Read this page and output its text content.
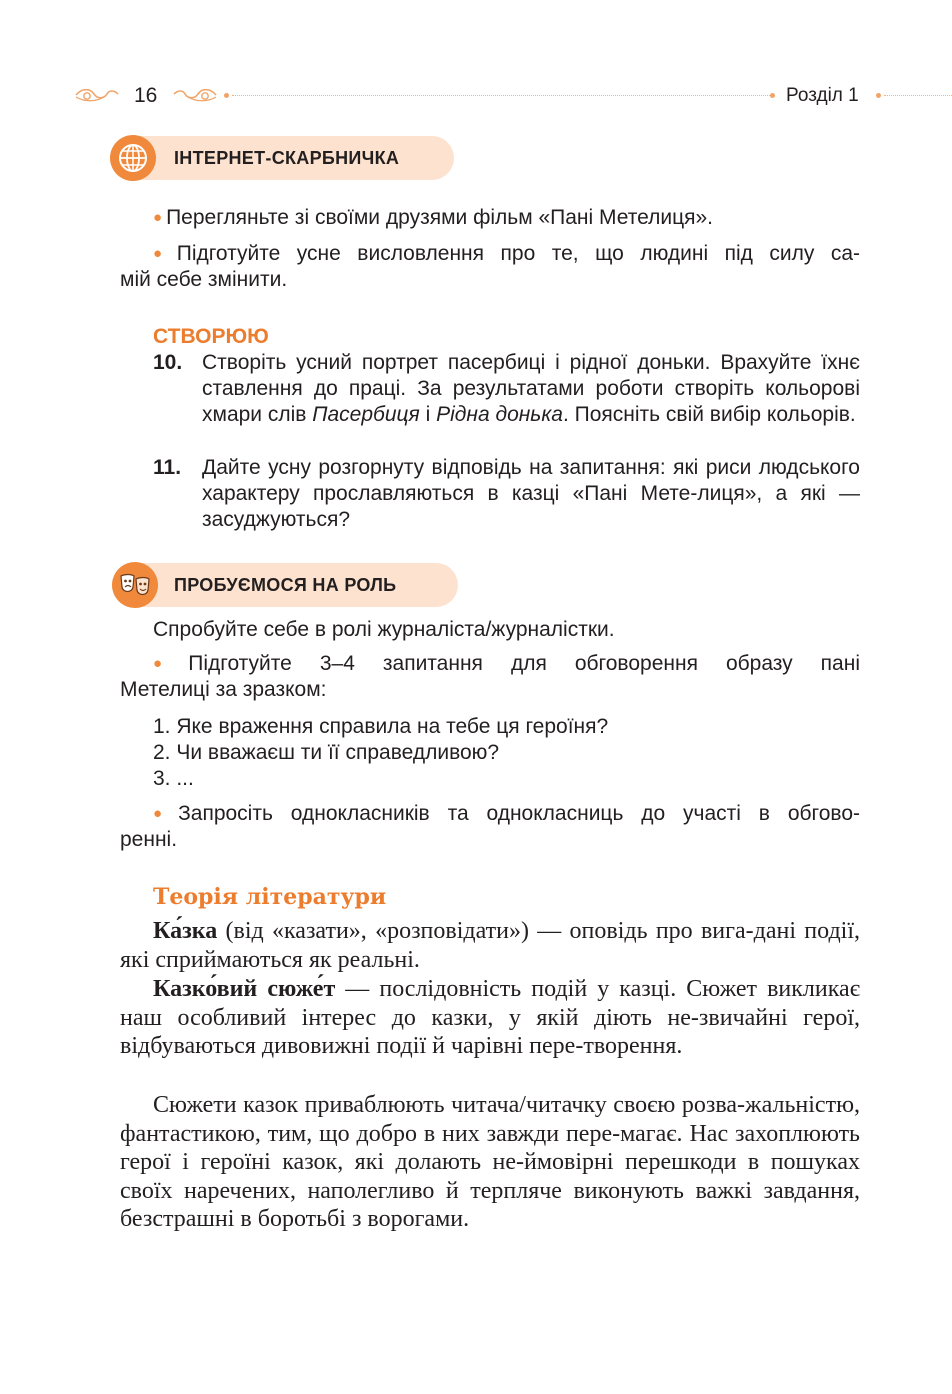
16	Розділ 1
ІНТЕРНЕТ-СКАРБНИЧКА
● Перегляньте зі своїми друзями фільм «Пані Метелиця».
● Підготуйте усне висловлення про те, що людині під силу са-
мій себе змінити.
СТВОРЮЮ
10. Створіть усний портрет пасербиці і рідної доньки. Врахуйте їхнє ставлення до праці. За результатами роботи створіть кольорові хмари слів Пасербиця і Рідна донька. Поясніть свій вибір кольорів.
11. Дайте усну розгорнуту відповідь на запитання: які риси людського характеру прославляються в казці «Пані Мете-лиця», а які — засуджуються?
ПРОБУЄМОСЯ НА РОЛЬ
Спробуйте себе в ролі журналіста/журналістки.
● Підготуйте 3–4 запитання для обговорення образу пані
Метелиці за зразком:
1. Яке враження справила на тебе ця героїня?
2. Чи вважаєш ти її справедливою?
3. ...
● Запросіть однокласників та однокласниць до участі в обгово-
ренні.
Теорія літератури
Ка́зка (від «казати», «розповідати») — оповідь про вига-дані події, які сприймаються як реальні.
Казко́вий сюже́т — послідовність подій у казці. Сюжет викликає наш особливий інтерес до казки, у якій діють не-звичайні герої, відбуваються дивовижні події й чарівні пере-творення.
Сюжети казок приваблюють читача/читачку своєю розва-жальністю, фантастикою, тим, що добро в них завжди пере-магає. Нас захоплюють герої і героїні казок, які долають не-ймовірні перешкоди в пошуках своїх наречених, наполегливо й терпляче виконують важкі завдання, безстрашні в боротьбі з ворогами.
